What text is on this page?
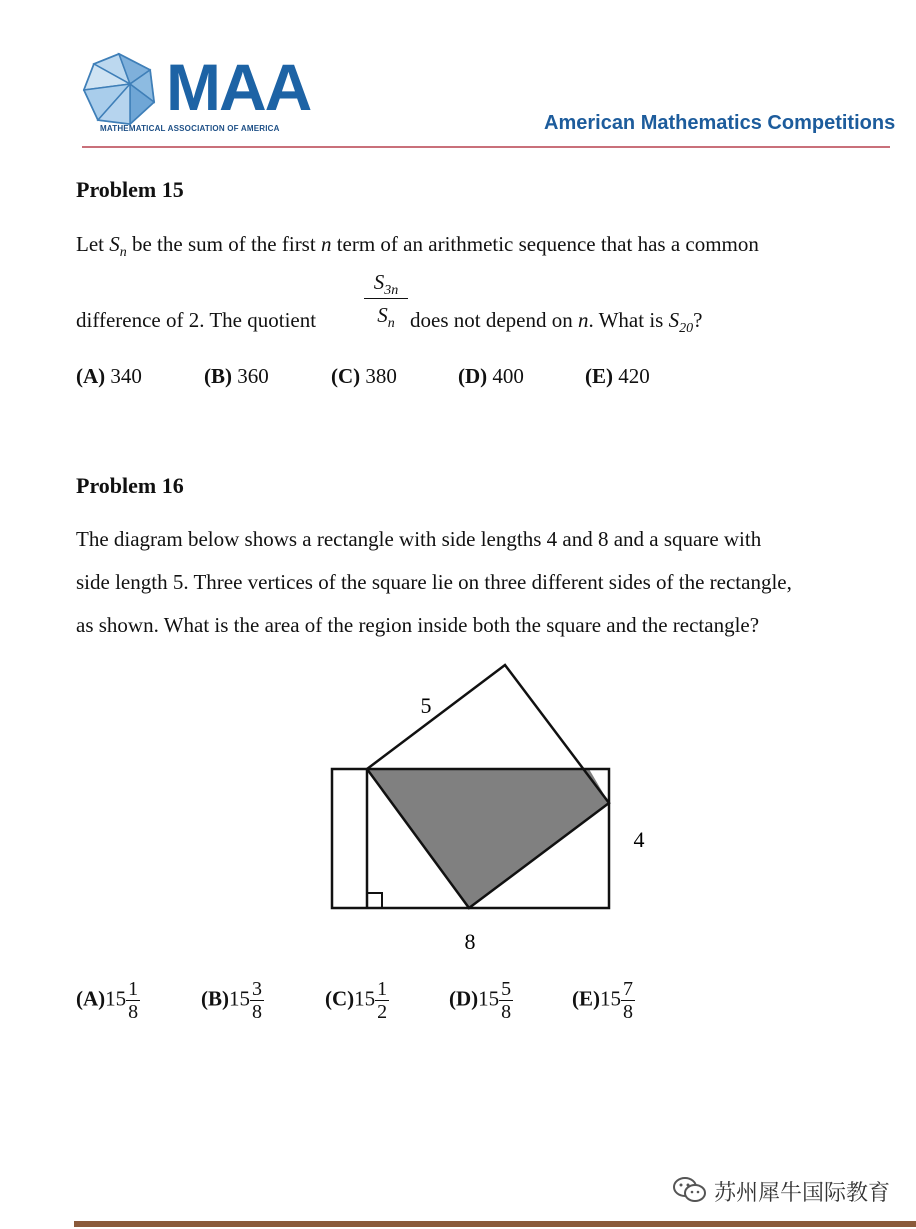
MAA
MATHEMATICAL ASSOCIATION OF AMERICA	American Mathematics Competitions
Problem 15
Let $S_n$ be the sum of the first n term of an arithmetic sequence that has a common
difference of 2. The quotient
$S_{3n}$
$S_n$ does not depend on n. What is $S_{20}$?
(A) 340	(B) 360	(C) 380	(D) 400	(E) 420
Problem 16
The diagram below shows a rectangle with side lengths 4 and 8 and a square with
side length 5. Three vertices of the square lie on three different sides of the rectangle,
as shown. What is the area of the region inside both the square and the rectangle?
5
4
8
$(A)15 \frac{1}{8}$	$(B)15 \frac{3}{8}$	$(C)15 \frac{1}{2}$	$(D)15 \frac{5}{8}$	$(E)15 \frac{7}{8}$
苏州犀牛国际教育
